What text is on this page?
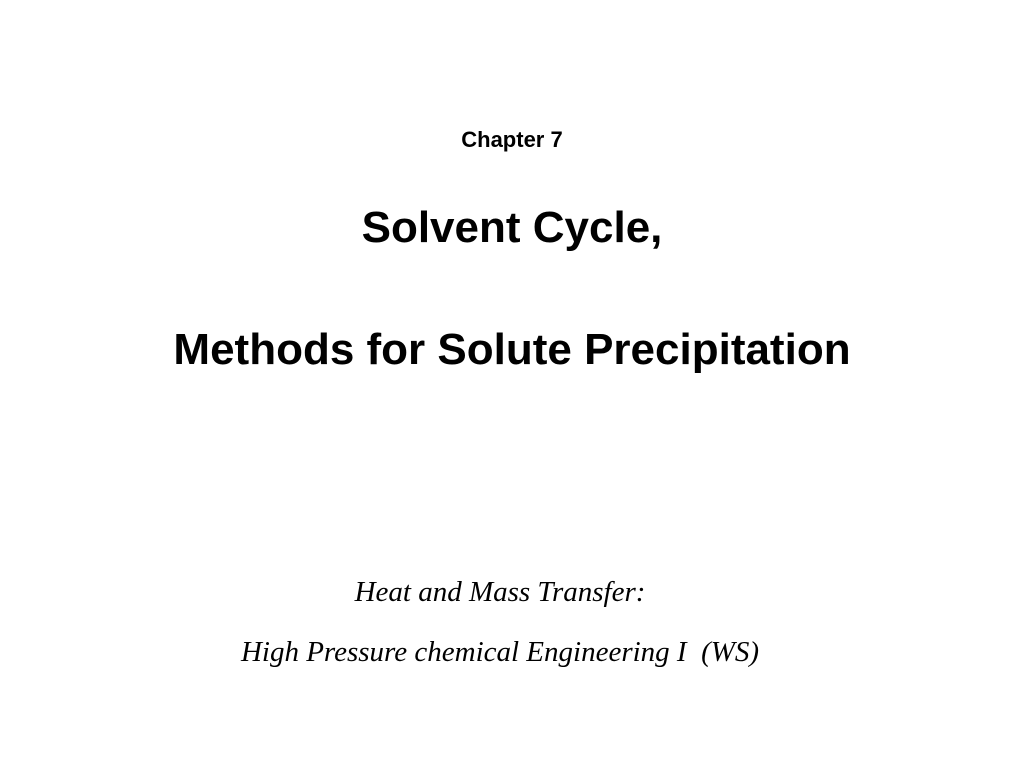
Chapter 7
Solvent Cycle,
Methods for Solute Precipitation
Heat and Mass Transfer:
High Pressure chemical Engineering I  (WS)
